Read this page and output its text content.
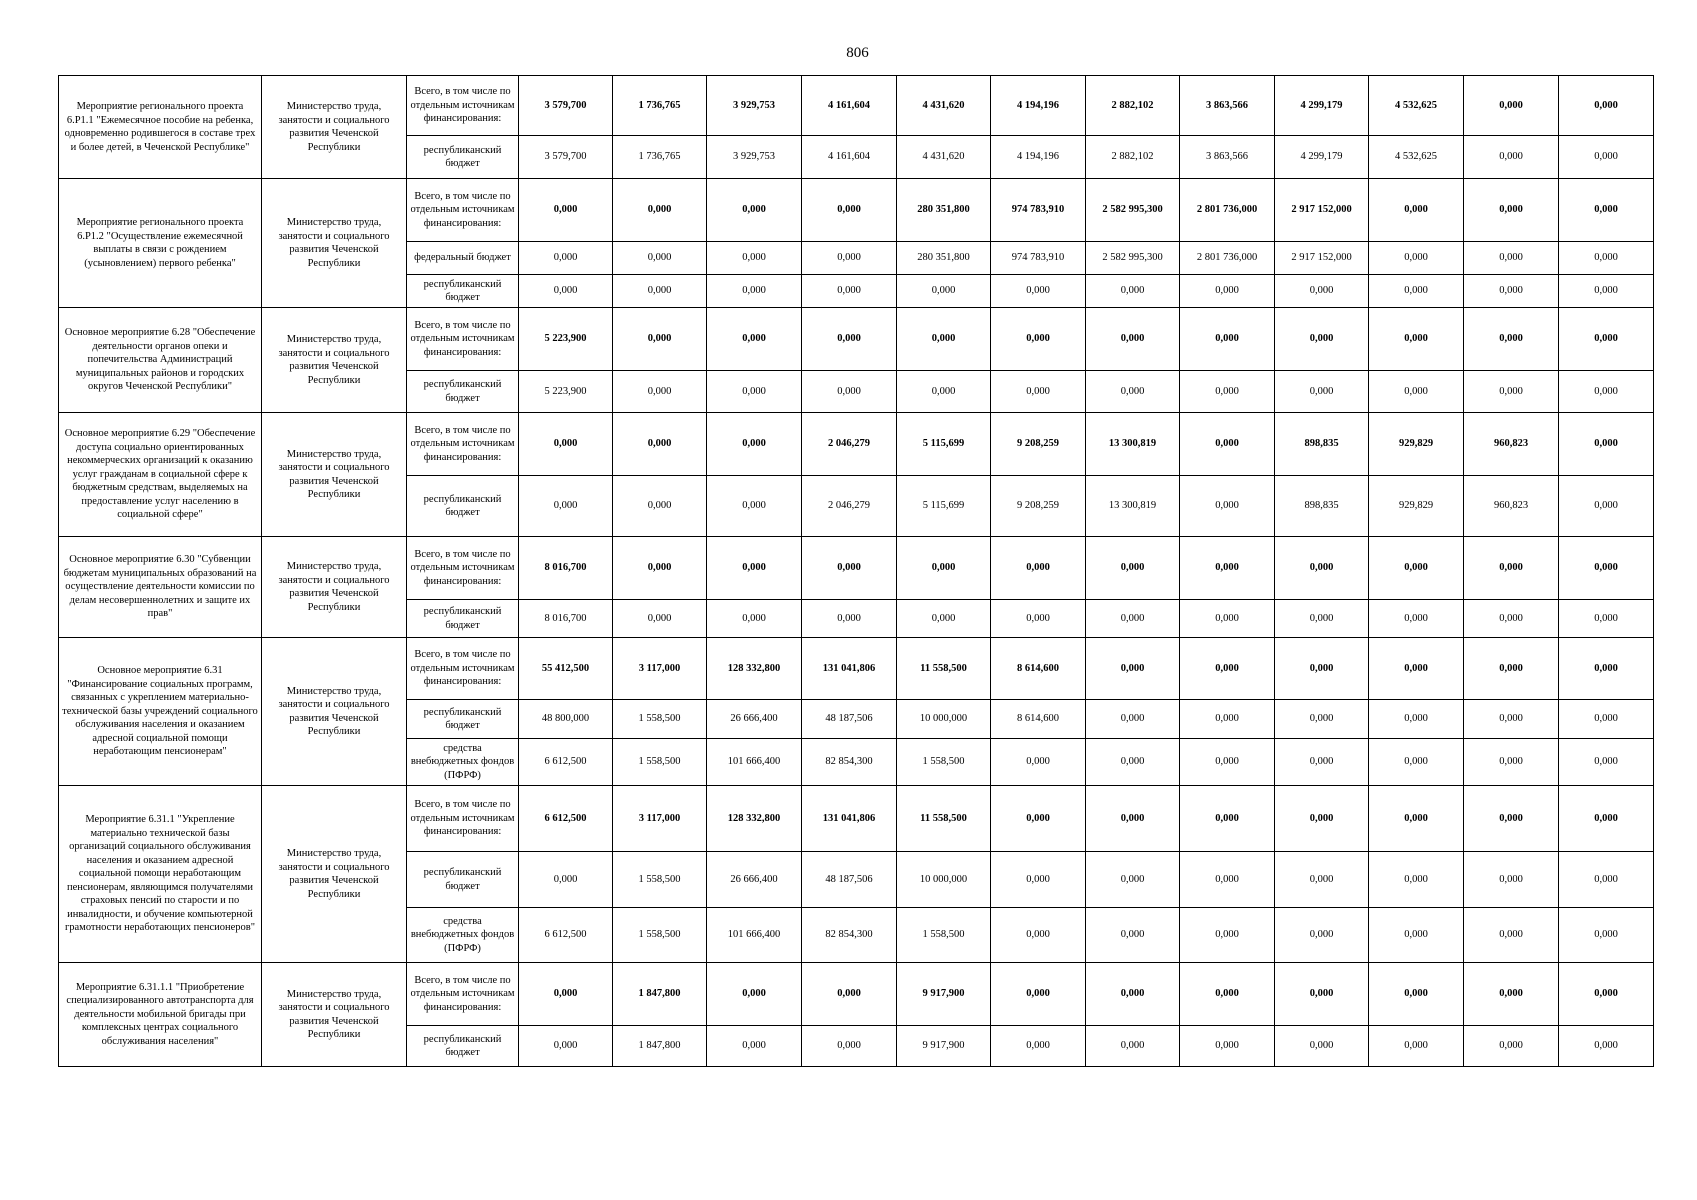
806
Мероприятие регионального проекта 6.Р1.1 "Ежемесячное пособие на ребенка, одновременно родившегося в составе трех и более детей, в Чеченской Республике"	Министерство труда, занятости и социального развития Чеченской Республики	Всего, в том числе по отдельным источникам финансирования:	3 579,700	1 736,765	3 929,753	4 161,604	4 431,620	4 194,196	2 882,102	3 863,566	4 299,179	4 532,625	0,000	0,000
		республиканский бюджет	3 579,700	1 736,765	3 929,753	4 161,604	4 431,620	4 194,196	2 882,102	3 863,566	4 299,179	4 532,625	0,000	0,000
Мероприятие регионального проекта 6.Р1.2 "Осуществление ежемесячной выплаты в связи с рождением (усыновлением) первого ребенка"	Министерство труда, занятости и социального развития Чеченской Республики	Всего, в том числе по отдельным источникам финансирования:	0,000	0,000	0,000	0,000	280 351,800	974 783,910	2 582 995,300	2 801 736,000	2 917 152,000	0,000	0,000	0,000
		федеральный бюджет	0,000	0,000	0,000	0,000	280 351,800	974 783,910	2 582 995,300	2 801 736,000	2 917 152,000	0,000	0,000	0,000
		республиканский бюджет	0,000	0,000	0,000	0,000	0,000	0,000	0,000	0,000	0,000	0,000	0,000	0,000
Основное мероприятие 6.28 "Обеспечение деятельности органов опеки и попечительства Администраций муниципальных районов и городских округов Чеченской Республики"	Министерство труда, занятости и социального развития Чеченской Республики	Всего, в том числе по отдельным источникам финансирования:	5 223,900	0,000	0,000	0,000	0,000	0,000	0,000	0,000	0,000	0,000	0,000	0,000
		республиканский бюджет	5 223,900	0,000	0,000	0,000	0,000	0,000	0,000	0,000	0,000	0,000	0,000	0,000
Основное мероприятие 6.29 "Обеспечение доступа социально ориентированных некоммерческих организаций к оказанию услуг гражданам в социальной сфере к бюджетным средствам, выделяемых на предоставление услуг населению в социальной сфере"	Министерство труда, занятости и социального развития Чеченской Республики	Всего, в том числе по отдельным источникам финансирования:	0,000	0,000	0,000	2 046,279	5 115,699	9 208,259	13 300,819	0,000	898,835	929,829	960,823	0,000
		республиканский бюджет	0,000	0,000	0,000	2 046,279	5 115,699	9 208,259	13 300,819	0,000	898,835	929,829	960,823	0,000
Основное мероприятие 6.30 "Субвенции бюджетам муниципальных образований на осуществление деятельности комиссии по делам несовершеннолетних и защите их прав"	Министерство труда, занятости и социального развития Чеченской Республики	Всего, в том числе по отдельным источникам финансирования:	8 016,700	0,000	0,000	0,000	0,000	0,000	0,000	0,000	0,000	0,000	0,000	0,000
		республиканский бюджет	8 016,700	0,000	0,000	0,000	0,000	0,000	0,000	0,000	0,000	0,000	0,000	0,000
Основное мероприятие 6.31 "Финансирование социальных программ, связанных с укреплением материально-технической базы учреждений социального обслуживания населения и оказанием адресной социальной помощи неработающим пенсионерам"	Министерство труда, занятости и социального развития Чеченской Республики	Всего, в том числе по отдельным источникам финансирования:	55 412,500	3 117,000	128 332,800	131 041,806	11 558,500	8 614,600	0,000	0,000	0,000	0,000	0,000	0,000
		республиканский бюджет	48 800,000	1 558,500	26 666,400	48 187,506	10 000,000	8 614,600	0,000	0,000	0,000	0,000	0,000	0,000
		средства внебюджетных фондов (ПФРФ)	6 612,500	1 558,500	101 666,400	82 854,300	1 558,500	0,000	0,000	0,000	0,000	0,000	0,000	0,000
Мероприятие 6.31.1 "Укрепление материально технической базы организаций социального обслуживания населения и оказанием адресной социальной помощи неработающим пенсионерам, являющимся получателями страховых пенсий по старости и по инвалидности, и обучение компьютерной грамотности неработающих пенсионеров"	Министерство труда, занятости и социального развития Чеченской Республики	Всего, в том числе по отдельным источникам финансирования:	6 612,500	3 117,000	128 332,800	131 041,806	11 558,500	0,000	0,000	0,000	0,000	0,000	0,000	0,000
		республиканский бюджет	0,000	1 558,500	26 666,400	48 187,506	10 000,000	0,000	0,000	0,000	0,000	0,000	0,000	0,000
		средства внебюджетных фондов (ПФРФ)	6 612,500	1 558,500	101 666,400	82 854,300	1 558,500	0,000	0,000	0,000	0,000	0,000	0,000	0,000
Мероприятие 6.31.1.1 "Приобретение специализированного автотранспорта для деятельности мобильной бригады при комплексных центрах социального обслуживания населения"	Министерство труда, занятости и социального развития Чеченской Республики	Всего, в том числе по отдельным источникам финансирования:	0,000	1 847,800	0,000	0,000	9 917,900	0,000	0,000	0,000	0,000	0,000	0,000	0,000
		республиканский бюджет	0,000	1 847,800	0,000	0,000	9 917,900	0,000	0,000	0,000	0,000	0,000	0,000	0,000
